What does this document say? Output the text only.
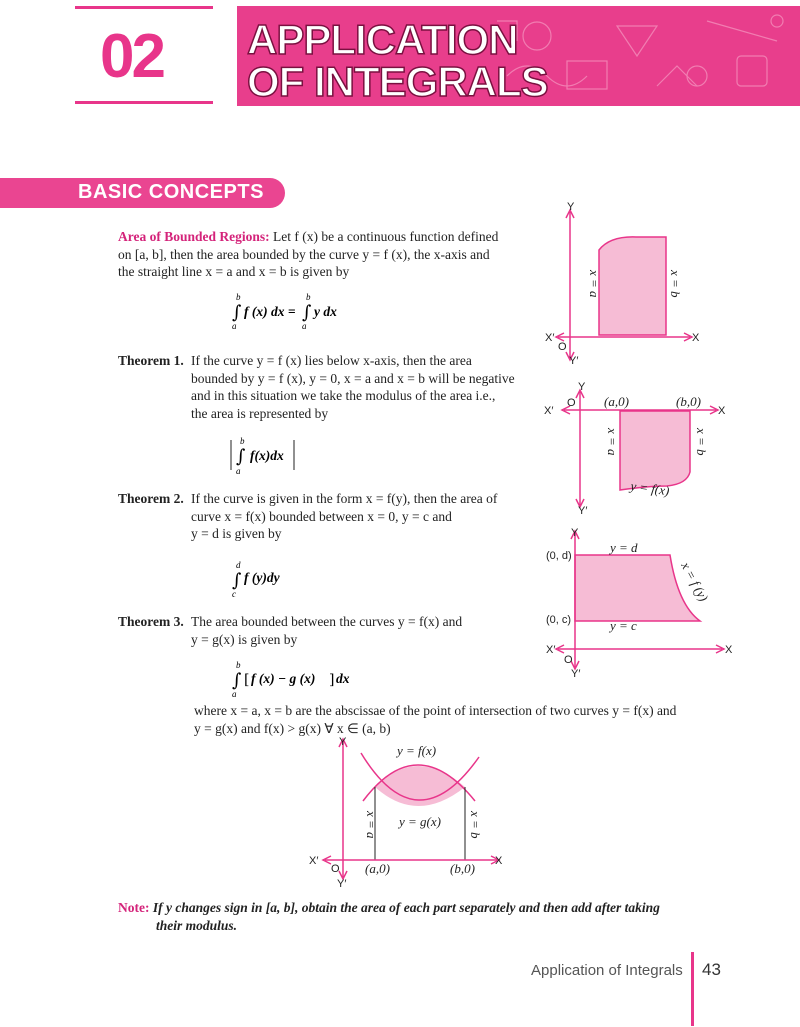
02	APPLICATION
OF INTEGRALS
BASIC CONCEPTS
Area of Bounded Regions: Let f (x) be a continuous function defined
on [a, b], then the area bounded by the curve y = f (x), the x-axis and
the straight line x = a and x = b is given by
b
∫
a
f (x) dx =
b
∫
a
y dx
Theorem 1. If the curve y = f (x) lies below x-axis, then the area
bounded by y = f (x), y = 0, x = a and x = b will be negative
and in this situation we take the modulus of the area i.e.,
the area is represented by
b
∫
a
f(x)dx
Theorem 2. If the curve is given in the form x = f(y), then the area of
curve x = f(x) bounded between x = 0, y = c and
y = d is given by
d
∫
c
f (y)dy
Theorem 3. The area bounded between the curves y = f(x) and
y = g(x) is given by
b
∫
a
[ f (x) − g (x) ] dx
where x = a, x = b are the abscissae of the point of intersection of two curves y = f(x) and
y = g(x) and f(x) > g(x) ∀ x ∈ (a, b)
Y
Y′
X
X′
O
x = a	x = b
Y
Y′
X
X′
O (a,0)	(b,0)
x = a	x = b
y = f(x)
Y
Y′
X
X′
O
(0, d)
(0, c)
y = d
y = c
x = f (y)
Y
Y′
X
X′
O (a,0)	(b,0)
y = f(x)
y = g(x)
x = a	x = b
Note: If y changes sign in [a, b], obtain the area of each part separately and then add after taking
their modulus.
Application of Integrals 43
